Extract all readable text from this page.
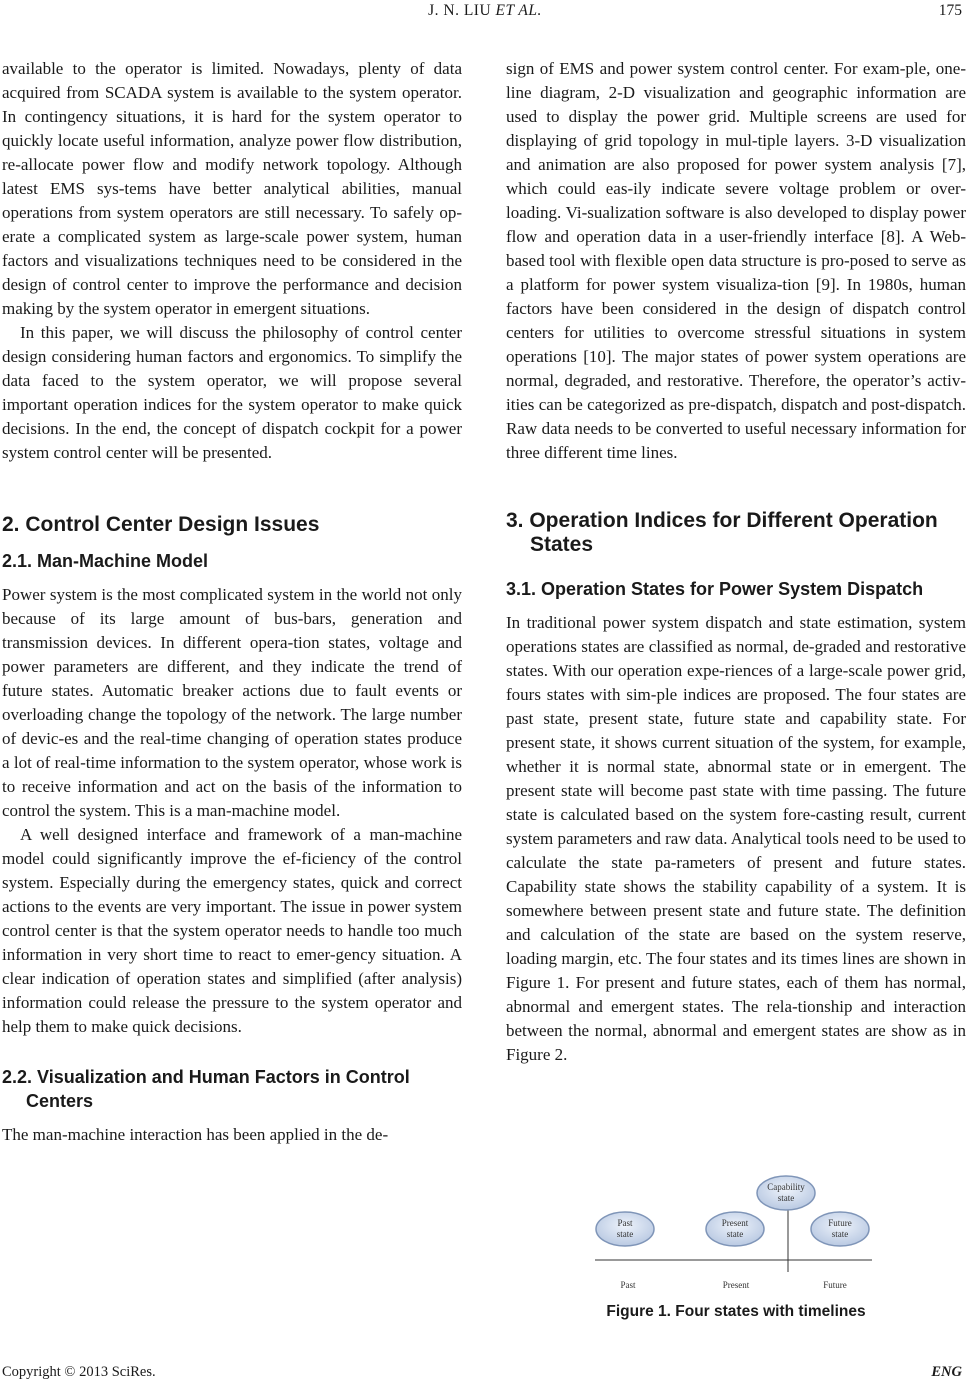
J. N. LIU ET AL.	175

available to the operator is limited. Nowadays, plenty of data acquired from SCADA system is available to the system operator. In contingency situations, it is hard for the system operator to quickly locate useful information, analyze power flow distribution, re-allocate power flow and modify network topology. Although latest EMS sys-tems have better analytical abilities, manual operations from system operators are still necessary. To safely op-erate a complicated system as large-scale power system, human factors and visualizations techniques need to be considered in the design of control center to improve the performance and decision making by the system operator in emergent situations.

In this paper, we will discuss the philosophy of control center design considering human factors and ergonomics. To simplify the data faced to the system operator, we will propose several important operation indices for the system operator to make quick decisions. In the end, the concept of dispatch cockpit for a power system control center will be presented.

2. Control Center Design Issues
2.1. Man-Machine Model

Power system is the most complicated system in the world not only because of its large amount of bus-bars, generation and transmission devices. In different opera-tion states, voltage and power parameters are different, and they indicate the trend of future states. Automatic breaker actions due to fault events or overloading change the topology of the network. The large number of devic-es and the real-time changing of operation states produce a lot of real-time information to the system operator, whose work is to receive information and act on the basis of the information to control the system. This is a man-machine model.

A well designed interface and framework of a man-machine model could significantly improve the ef-ficiency of the control system. Especially during the emergency states, quick and correct actions to the events are very important. The issue in power system control center is that the system operator needs to handle too much information in very short time to react to emer-gency situation. A clear indication of operation states and simplified (after analysis) information could release the pressure to the system operator and help them to make quick decisions.

2.2. Visualization and Human Factors in Control Centers

The man-machine interaction has been applied in the de-

sign of EMS and power system control center. For exam-ple, one-line diagram, 2-D visualization and geographic information are used to display the power grid. Multiple screens are used for displaying of grid topology in mul-tiple layers. 3-D visualization and animation are also proposed for power system analysis [7], which could eas-ily indicate severe voltage problem or over-loading. Vi-sualization software is also developed to display power flow and operation data in a user-friendly interface [8]. A Web-based tool with flexible open data structure is pro-posed to serve as a platform for power system visualiza-tion [9]. In 1980s, human factors have been considered in the design of dispatch control centers for utilities to overcome stressful situations in system operations [10]. The major states of power system operations are normal, degraded, and restorative. Therefore, the operator’s activ-ities can be categorized as pre-dispatch, dispatch and post-dispatch. Raw data needs to be converted to useful necessary information for three different time lines.

3. Operation Indices for Different Operation States
3.1. Operation States for Power System Dispatch

In traditional power system dispatch and state estimation, system operations states are classified as normal, de-graded and restorative states. With our operation expe-riences of a large-scale power grid, fours states with sim-ple indices are proposed. The four states are past state, present state, future state and capability state. For present state, it shows current situation of the system, for example, whether it is normal state, abnormal state or in emergent. The present state will become past state with time passing. The future state is calculated based on the system fore-casting result, current system parameters and raw data. Analytical tools need to be used to calculate the state pa-rameters of present and future states. Capability state shows the stability capability of a system. It is somewhere between present state and future state. The definition and calculation of the state are based on the system reserve, loading margin, etc. The four states and its times lines are shown in Figure 1. For present and future states, each of them has normal, abnormal and emergent states. The rela-tionship and interaction between the normal, abnormal and emergent states are show as in Figure 2.

Past
state
Present
state
Capability
state
Future
state
Past	Present	Future
Figure 1. Four states with timelines
Copyright © 2013 SciRes.	ENG
